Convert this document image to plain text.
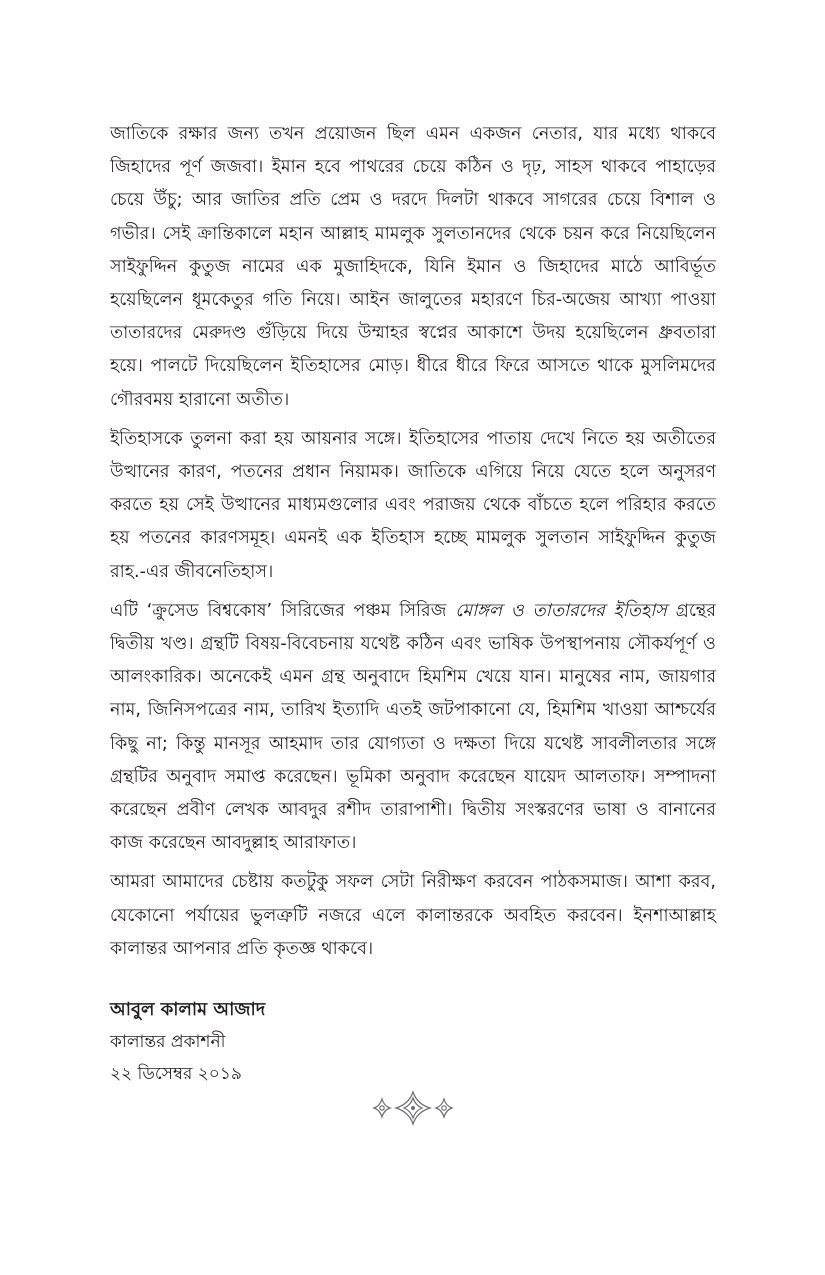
জাতিকে রক্ষার জন্য তখন প্রয়োজন ছিল এমন একজন নেতার, যার মধ্যে থাকবে জিহাদের পূর্ণ জজবা। ইমান হবে পাথরের চেয়ে কঠিন ও দৃঢ়, সাহস থাকবে পাহাড়ের চেয়ে উঁচু; আর জাতির প্রতি প্রেম ও দরদে দিলটা থাকবে সাগরের চেয়ে বিশাল ও গভীর। সেই ক্রান্তিকালে মহান আল্লাহ মামলুক সুলতানদের থেকে চয়ন করে নিয়েছিলেন সাইফুদ্দিন কুতুজ নামের এক মুজাহিদকে, যিনি ইমান ও জিহাদের মাঠে আবির্ভূত হয়েছিলেন ধূমকেতুর গতি নিয়ে। আইন জালুতের মহারণে চির-অজেয় আখ্যা পাওয়া তাতারদের মেরুদণ্ড গুঁড়িয়ে দিয়ে উম্মাহর স্বপ্নের আকাশে উদয় হয়েছিলেন ধ্রুবতারা হয়ে। পালটে দিয়েছিলেন ইতিহাসের মোড়। ধীরে ধীরে ফিরে আসতে থাকে মুসলিমদের গৌরবময় হারানো অতীত।

ইতিহাসকে তুলনা করা হয় আয়নার সঙ্গে। ইতিহাসের পাতায় দেখে নিতে হয় অতীতের উত্থানের কারণ, পতনের প্রধান নিয়ামক। জাতিকে এগিয়ে নিয়ে যেতে হলে অনুসরণ করতে হয় সেই উত্থানের মাধ্যমগুলোর এবং পরাজয় থেকে বাঁচতে হলে পরিহার করতে হয় পতনের কারণসমূহ। এমনই এক ইতিহাস হচ্ছে মামলুক সুলতান সাইফুদ্দিন কুতুজ রাহ.-এর জীবনেতিহাস।

এটি ‘ক্রুসেড বিশ্বকোষ’ সিরিজের পঞ্চম সিরিজ মোঙ্গল ও তাতারদের ইতিহাস গ্রন্থের দ্বিতীয় খণ্ড। গ্রন্থটি বিষয়-বিবেচনায় যথেষ্ট কঠিন এবং ভাষিক উপস্থাপনায় সৌকর্যপূর্ণ ও আলংকারিক। অনেকেই এমন গ্রন্থ অনুবাদে হিমশিম খেয়ে যান। মানুষের নাম, জায়গার নাম, জিনিসপত্রের নাম, তারিখ ইত্যাদি এতই জটপাকানো যে, হিমশিম খাওয়া আশ্চর্যের কিছু না; কিন্তু মানসূর আহমাদ তার যোগ্যতা ও দক্ষতা দিয়ে যথেষ্ট সাবলীলতার সঙ্গে গ্রন্থটির অনুবাদ সমাপ্ত করেছেন। ভূমিকা অনুবাদ করেছেন যায়েদ আলতাফ। সম্পাদনা করেছেন প্রবীণ লেখক আবদুর রশীদ তারাপাশী। দ্বিতীয় সংস্করণের ভাষা ও বানানের কাজ করেছেন আবদুল্লাহ আরাফাত।

আমরা আমাদের চেষ্টায় কতটুকু সফল সেটা নিরীক্ষণ করবেন পাঠকসমাজ। আশা করব, যেকোনো পর্যায়ের ভুলত্রুটি নজরে এলে কালান্তরকে অবহিত করবেন। ইনশাআল্লাহ কালান্তর আপনার প্রতি কৃতজ্ঞ থাকবে।

আবুল কালাম আজাদ
কালান্তর প্রকাশনী
২২ ডিসেম্বর ২০১৯
